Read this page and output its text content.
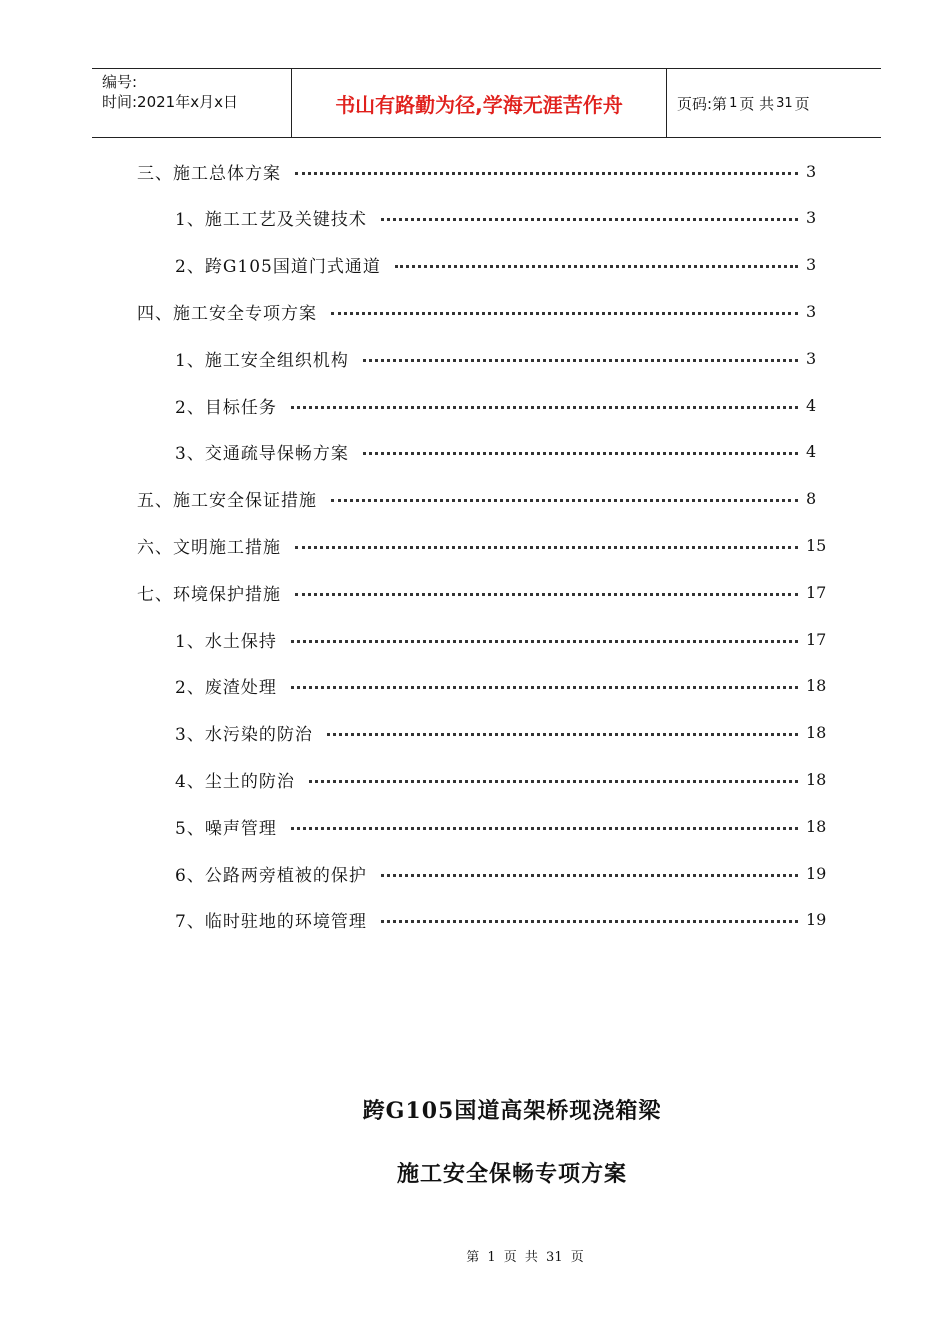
编号:
时间:2021年x月x日	书山有路勤为径,学海无涯苦作舟	页码:第 1 页 共 31 页
三、施工总体方案	3
1、施工工艺及关键技术	3
2、跨G105国道门式通道	3
四、施工安全专项方案	3
1、施工安全组织机构	3
2、目标任务	4
3、交通疏导保畅方案	4
五、施工安全保证措施	8
六、文明施工措施	15
七、环境保护措施	17
1、水土保持	17
2、废渣处理	18
3、水污染的防治	18
4、尘土的防治	18
5、噪声管理	18
6、公路两旁植被的保护	19
7、临时驻地的环境管理	19
跨G105国道高架桥现浇箱梁
施工安全保畅专项方案
第 1 页 共 31 页
